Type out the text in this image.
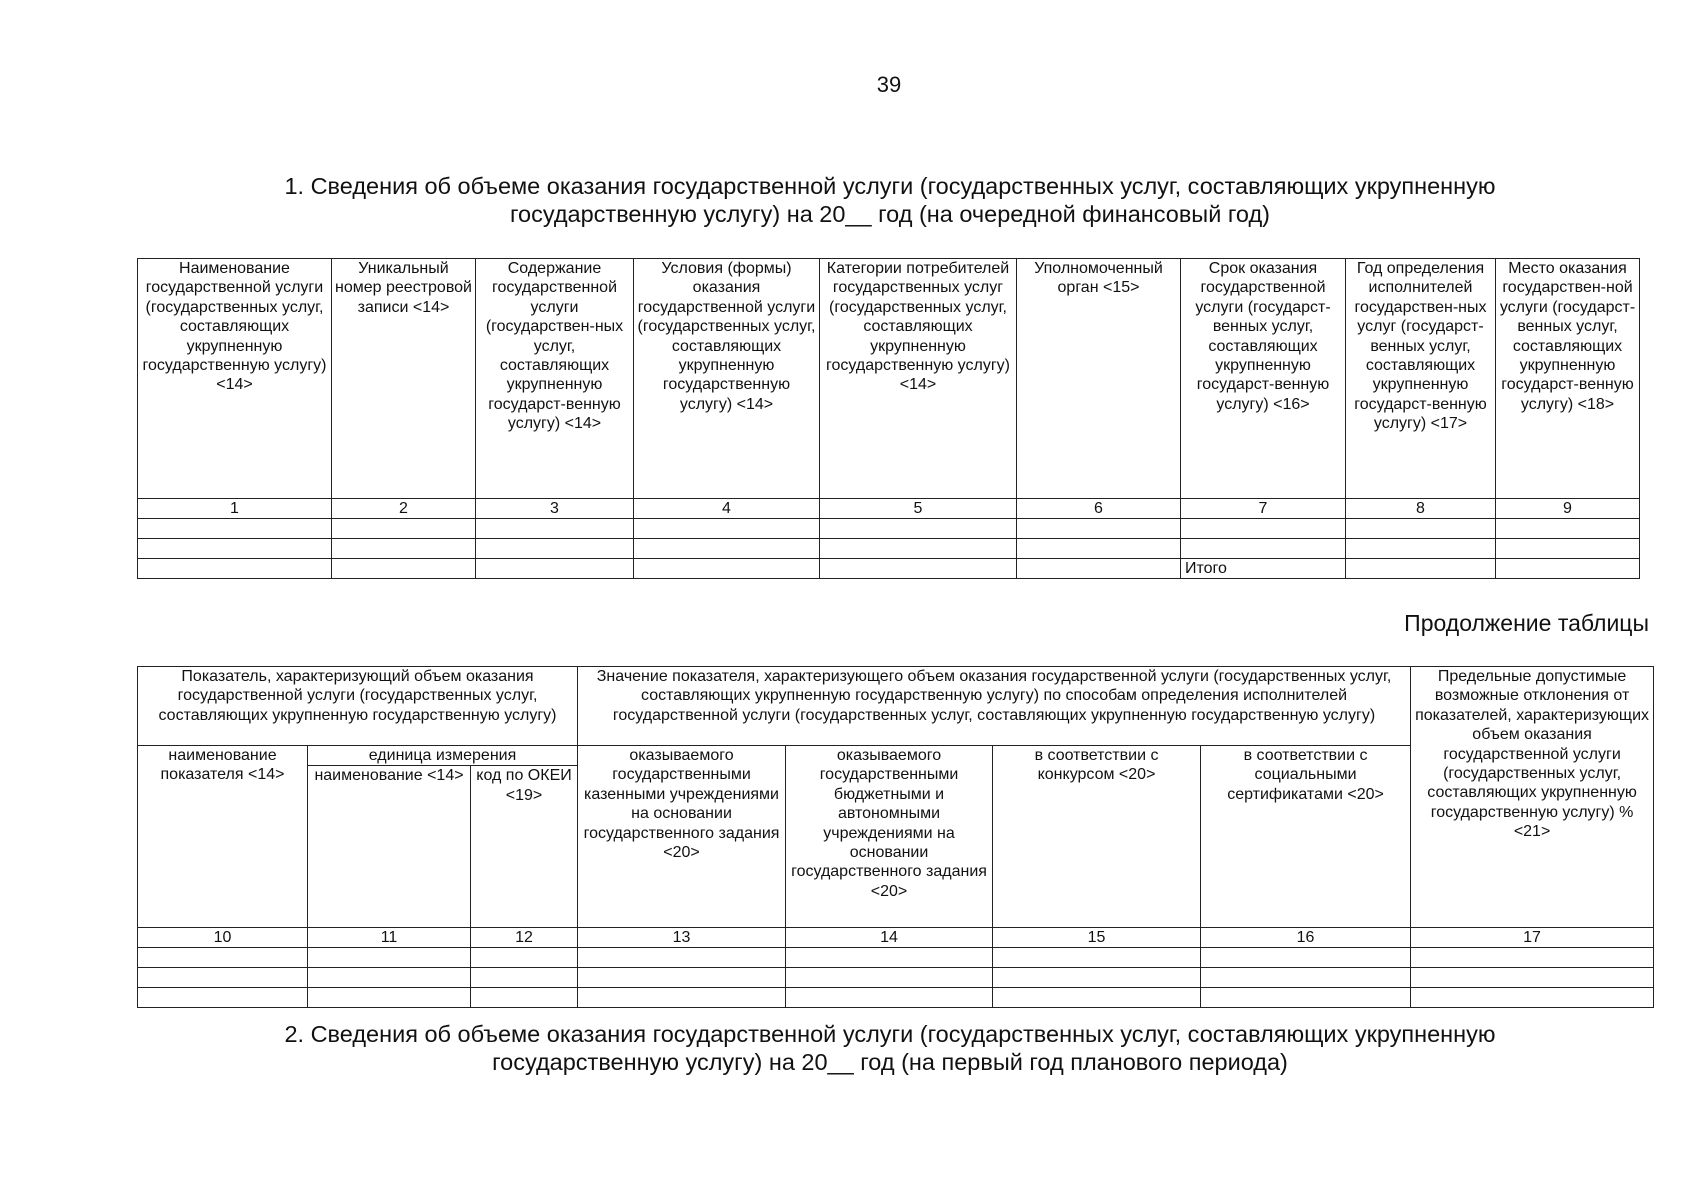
39
1. Сведения об объеме оказания государственной услуги (государственных услуг, составляющих укрупненную
государственную услугу) на 20__ год (на очередной финансовый год)
Наименование государственной услуги (государственных услуг, составляющих укрупненную государственную услугу) <14>	Уникальный номер реестровой записи <14>	Содержание государственной услуги (государствен-ных услуг, составляющих укрупненную государст-венную услугу) <14>	Условия (формы) оказания государственной услуги (государственных услуг, составляющих укрупненную государственную услугу) <14>	Категории потребителей государственных услуг (государственных услуг, составляющих укрупненную государственную услугу) <14>	Уполномоченный орган <15>	Срок оказания государственной услуги (государст-венных услуг, составляющих укрупненную государст-венную услугу) <16>	Год определения исполнителей государствен-ных услуг (государст-венных услуг, составляющих укрупненную государст-венную услугу) <17>	Место оказания государствен-ной услуги (государст-венных услуг, составляющих укрупненную государст-венную услугу) <18>
1	2	3	4	5	6	7	8	9

						Итого		
Продолжение таблицы
Показатель, характеризующий объем оказания государственной услуги (государственных услуг, составляющих укрупненную государственную услугу)			Значение показателя, характеризующего объем оказания государственной услуги (государственных услуг, составляющих укрупненную государственную услугу) по способам определения исполнителей государственной услуги (государственных услуг, составляющих укрупненную государственную услугу)				Предельные допустимые возможные отклонения от показателей, характеризующих объем оказания государственной услуги (государственных услуг, составляющих укрупненную государственную услугу) % <21>
наименование показателя <14>	единица измерения		оказываемого государственными казенными учреждениями на основании государственного задания <20>	оказываемого государственными бюджетными и автономными учреждениями на основании государственного задания <20>	в соответствии с конкурсом <20>	в соответствии с социальными сертификатами <20>	
	наименование <14>	код по ОКЕИ <19>					
10	11	12	13	14	15	16	17

2. Сведения об объеме оказания государственной услуги (государственных услуг, составляющих укрупненную
государственную услугу) на 20__ год (на первый год планового периода)
